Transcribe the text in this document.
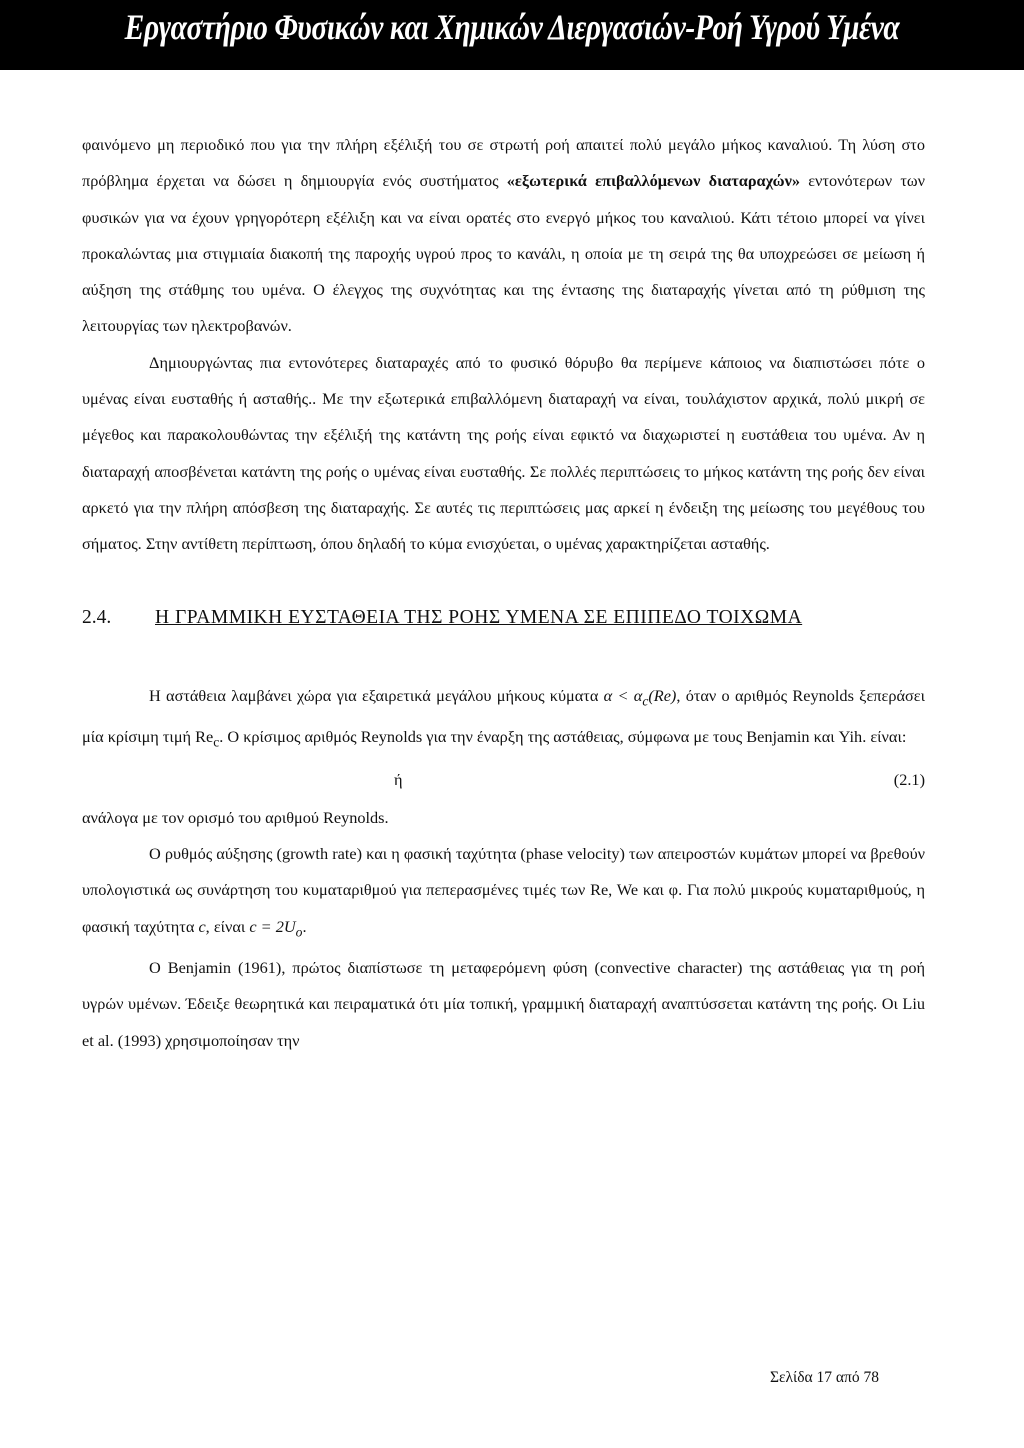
Εργαστήριο Φυσικών και Χημικών Διεργασιών-Ροή Υγρού Υμένα

φαινόμενο μη περιοδικό που για την πλήρη εξέλιξή του σε στρωτή ροή απαιτεί πολύ μεγάλο μήκος καναλιού. Τη λύση στο πρόβλημα έρχεται να δώσει η δημιουργία ενός συστήματος «εξωτερικά επιβαλλόμενων διαταραχών» εντονότερων των φυσικών για να έχουν γρηγορότερη εξέλιξη και να είναι ορατές στο ενεργό μήκος του καναλιού. Κάτι τέτοιο μπορεί να γίνει προκαλώντας μια στιγμιαία διακοπή της παροχής υγρού προς το κανάλι, η οποία με τη σειρά της θα υποχρεώσει σε μείωση ή αύξηση της στάθμης του υμένα. Ο έλεγχος της συχνότητας και της έντασης της διαταραχής γίνεται από τη ρύθμιση της λειτουργίας των ηλεκτροβανών.

Δημιουργώντας πια εντονότερες διαταραχές από το φυσικό θόρυβο θα περίμενε κάποιος να διαπιστώσει πότε ο υμένας είναι ευσταθής ή ασταθής.. Με την εξωτερικά επιβαλλόμενη διαταραχή να είναι, τουλάχιστον αρχικά, πολύ μικρή σε μέγεθος και παρακολουθώντας την εξέλιξή της κατάντη της ροής είναι εφικτό να διαχωριστεί η ευστάθεια του υμένα. Αν η διαταραχή αποσβένεται κατάντη της ροής ο υμένας είναι ευσταθής. Σε πολλές περιπτώσεις το μήκος κατάντη της ροής δεν είναι αρκετό για την πλήρη απόσβεση της διαταραχής. Σε αυτές τις περιπτώσεις μας αρκεί η ένδειξη της μείωσης του μεγέθους του σήματος. Στην αντίθετη περίπτωση, όπου δηλαδή το κύμα ενισχύεται, ο υμένας χαρακτηρίζεται ασταθής.

2.4. Η ΓΡΑΜΜΙΚΗ ΕΥΣΤΑΘΕΙΑ ΤΗΣ ΡΟΗΣ ΥΜΕΝΑ ΣΕ ΕΠΙΠΕΔΟ ΤΟΙΧΩΜΑ

Η αστάθεια λαμβάνει χώρα για εξαιρετικά μεγάλου μήκους κύματα $\alpha < \alpha_c(Re)$, όταν ο αριθμός Reynolds ξεπεράσει μία κρίσιμη τιμή $Re_c$. Ο κρίσιμος αριθμός Reynolds για την έναρξη της αστάθειας, σύμφωνα με τους Benjamin και Yih. είναι:

ή	(2.1)

ανάλογα με τον ορισμό του αριθμού Reynolds.

Ο ρυθμός αύξησης (growth rate) και η φασική ταχύτητα (phase velocity) των απειροστών κυμάτων μπορεί να βρεθούν υπολογιστικά ως συνάρτηση του κυματαριθμού για πεπερασμένες τιμές των Re, We και φ. Για πολύ μικρούς κυματαριθμούς, η φασική ταχύτητα c, είναι $c = 2U_o$.

Ο Benjamin (1961), πρώτος διαπίστωσε τη μεταφερόμενη φύση (convective character) της αστάθειας για τη ροή υγρών υμένων. Έδειξε θεωρητικά και πειραματικά ότι μία τοπική, γραμμική διαταραχή αναπτύσσεται κατάντη της ροής. Οι Liu et al. (1993) χρησιμοποίησαν την

Σελίδα 17 από 78
